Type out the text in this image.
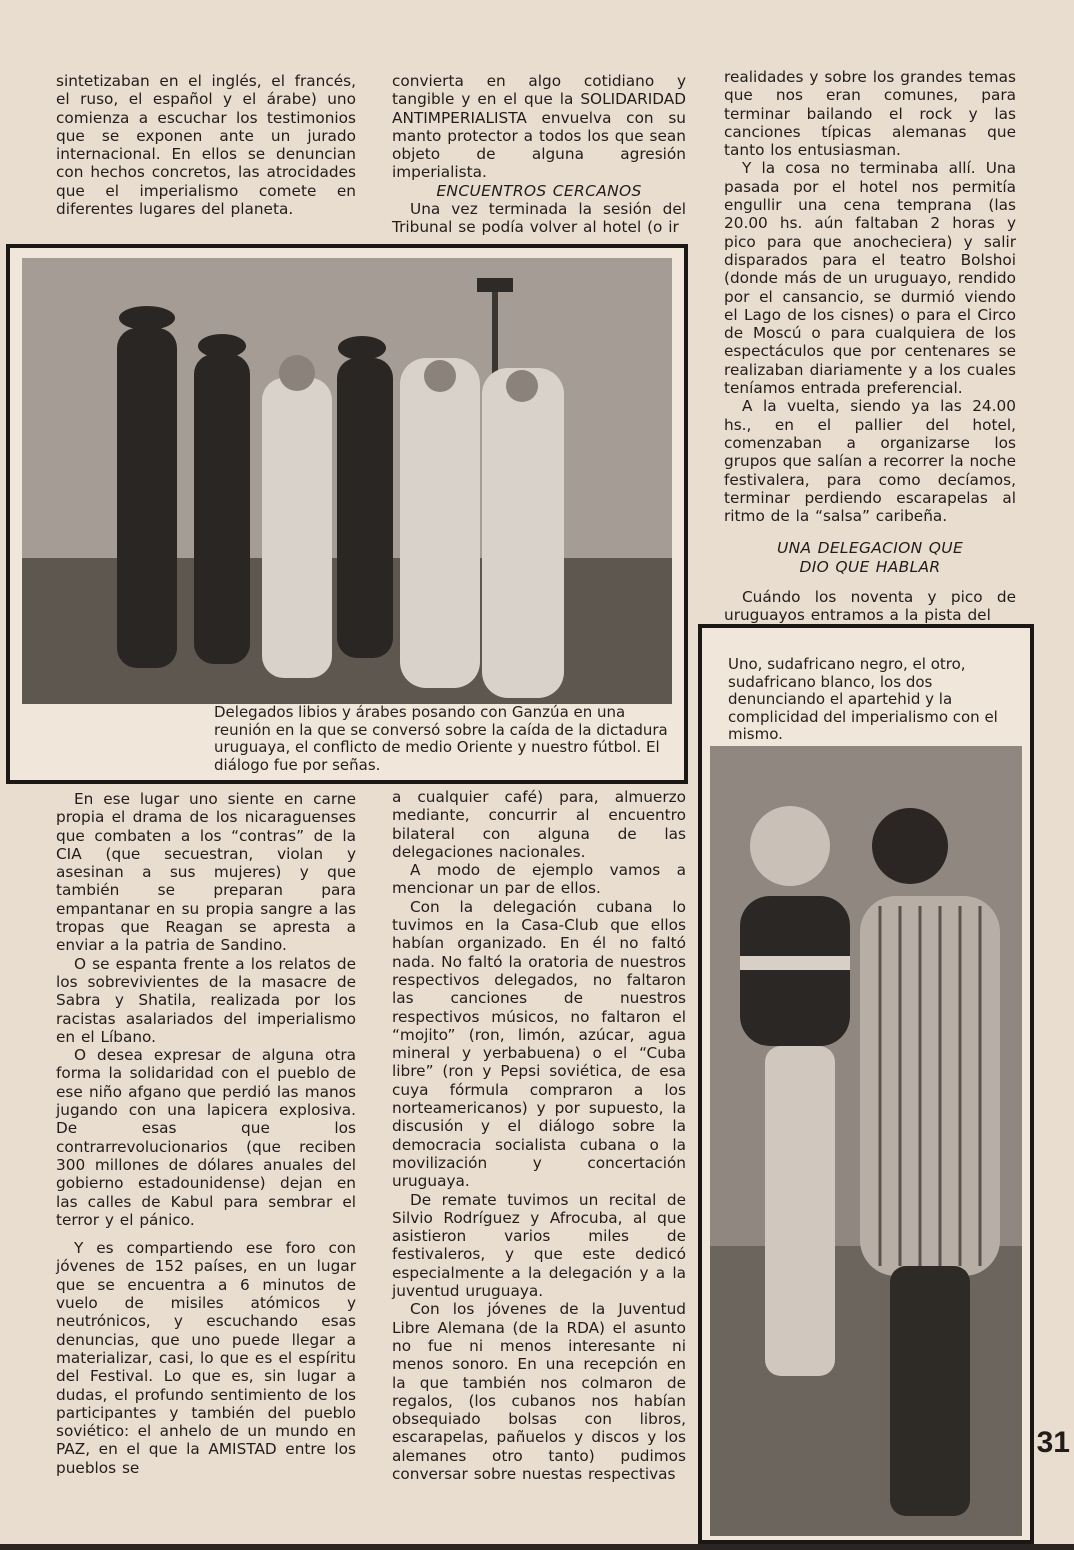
sintetizaban en el inglés, el francés, el ruso, el español y el árabe) uno comienza a escuchar los testimonios que se exponen ante un jurado internacional. En ellos se denuncian con hechos concretos, las atrocidades que el imperialismo comete en diferentes lugares del planeta.

convierta en algo cotidiano y tangible y en el que la SOLIDARIDAD ANTIMPERIALISTA envuelva con su manto protector a todos los que sean objeto de alguna agresión imperialista.

ENCUENTROS CERCANOS

Una vez terminada la sesión del Tribunal se podía volver al hotel (o ir

realidades y sobre los grandes temas que nos eran comunes, para terminar bailando el rock y las canciones típicas alemanas que tanto los entusiasman.

Y la cosa no terminaba allí. Una pasada por el hotel nos permitía engullir una cena temprana (las 20.00 hs. aún faltaban 2 horas y pico para que anocheciera) y salir disparados para el teatro Bolshoi (donde más de un uruguayo, rendido por el cansancio, se durmió viendo el Lago de los cisnes) o para el Circo de Moscú o para cualquiera de los espectáculos que por centenares se realizaban diariamente y a los cuales teníamos entrada preferencial.

A la vuelta, siendo ya las 24.00 hs., en el pallier del hotel, comenzaban a organizarse los grupos que salían a recorrer la noche festivalera, para como decíamos, terminar perdiendo escarapelas al ritmo de la “salsa” caribeña.

UNA DELEGACION QUE
DIO QUE HABLAR

Cuándo los noventa y pico de uruguayos entramos a la pista del

Delegados libios y árabes posando con Ganzúa en una reunión en la que se conversó sobre la caída de la dictadura uruguaya, el conflicto de medio Oriente y nuestro fútbol. El diálogo fue por señas.

En ese lugar uno siente en carne propia el drama de los nicaraguenses que combaten a los “contras” de la CIA (que secuestran, violan y asesinan a sus mujeres) y que también se preparan para empantanar en su propia sangre a las tropas que Reagan se apresta a enviar a la patria de Sandino.

O se espanta frente a los relatos de los sobrevivientes de la masacre de Sabra y Shatila, realizada por los racistas asalariados del imperialismo en el Líbano.

O desea expresar de alguna otra forma la solidaridad con el pueblo de ese niño afgano que perdió las manos jugando con una lapicera explosiva. De esas que los contrarrevolucionarios (que reciben 300 millones de dólares anuales del gobierno estadounidense) dejan en las calles de Kabul para sembrar el terror y el pánico.

Y es compartiendo ese foro con jóvenes de 152 países, en un lugar que se encuentra a 6 minutos de vuelo de misiles atómicos y neutrónicos, y escuchando esas denuncias, que uno puede llegar a materializar, casi, lo que es el espíritu del Festival. Lo que es, sin lugar a dudas, el profundo sentimiento de los participantes y también del pueblo soviético: el anhelo de un mundo en PAZ, en el que la AMISTAD entre los pueblos se

a cualquier café) para, almuerzo mediante, concurrir al encuentro bilateral con alguna de las delegaciones nacionales.

A modo de ejemplo vamos a mencionar un par de ellos.

Con la delegación cubana lo tuvimos en la Casa-Club que ellos habían organizado. En él no faltó nada. No faltó la oratoria de nuestros respectivos delegados, no faltaron las canciones de nuestros respectivos músicos, no faltaron el “mojito” (ron, limón, azúcar, agua mineral y yerbabuena) o el “Cuba libre” (ron y Pepsi soviética, de esa cuya fórmula compraron a los norteamericanos) y por supuesto, la discusión y el diálogo sobre la democracia socialista cubana o la movilización y concertación uruguaya.

De remate tuvimos un recital de Silvio Rodríguez y Afrocuba, al que asistieron varios miles de festivaleros, y que este dedicó especialmente a la delegación y a la juventud uruguaya.

Con los jóvenes de la Juventud Libre Alemana (de la RDA) el asunto no fue ni menos interesante ni menos sonoro. En una recepción en la que también nos colmaron de regalos, (los cubanos nos habían obsequiado bolsas con libros, escarapelas, pañuelos y discos y los alemanes otro tanto) pudimos conversar sobre nuestas respectivas

Uno, sudafricano negro, el otro, sudafricano blanco, los dos denunciando el apartehid y la complicidad del imperialismo con el mismo.
31
